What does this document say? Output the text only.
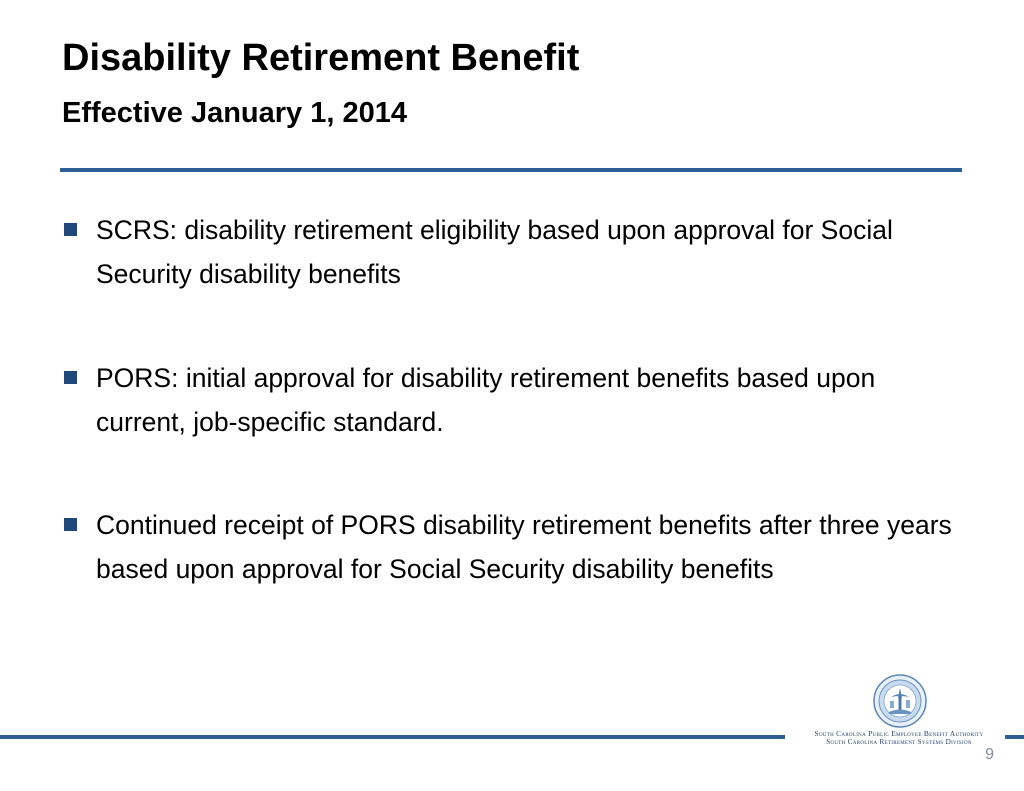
Disability Retirement Benefit
Effective January 1, 2014
SCRS: disability retirement eligibility based upon approval for Social Security disability benefits
PORS: initial approval for disability retirement benefits based upon current, job-specific standard.
Continued receipt of PORS disability retirement benefits after three years based upon approval for Social Security disability benefits
South Carolina Public Employee Benefit Authority
South Carolina Retirement Systems Division
9
